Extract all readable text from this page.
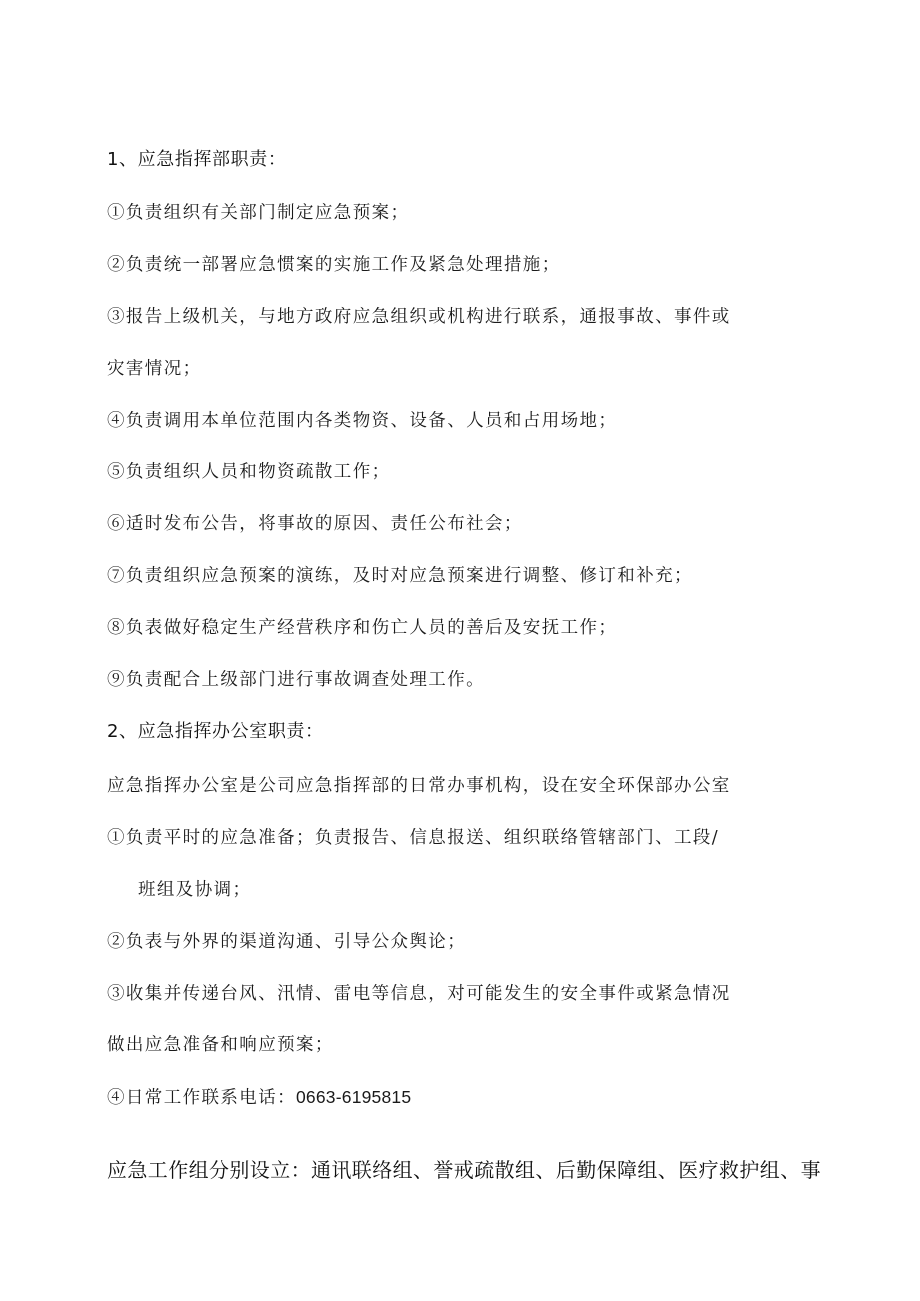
1、应急指挥部职责：
①负责组织有关部门制定应急预案；
②负责统一部署应急惯案的实施工作及紧急处理措施；
③报告上级机关，与地方政府应急组织或机构进行联系，通报事故、事件或
灾害情况；
④负责调用本单位范围内各类物资、设备、人员和占用场地；
⑤负责组织人员和物资疏散工作；
⑥适时发布公告，将事故的原因、责任公布社会；
⑦负责组织应急预案的演练，及时对应急预案进行调整、修订和补充；
⑧负表做好稳定生产经营秩序和伤亡人员的善后及安抚工作；
⑨负责配合上级部门进行事故调查处理工作。
2、应急指挥办公室职责：
应急指挥办公室是公司应急指挥部的日常办事机构，设在安全环保部办公室
①负责平时的应急准备；负责报告、信息报送、组织联络管辖部门、工段/
班组及协调；
②负表与外界的渠道沟通、引导公众舆论；
③收集并传递台风、汛情、雷电等信息，对可能发生的安全事件或紧急情况
做出应急准备和响应预案；
④日常工作联系电话：0663-6195815
应急工作组分别设立：通讯联络组、誉戒疏散组、后勤保障组、医疗救护组、事
